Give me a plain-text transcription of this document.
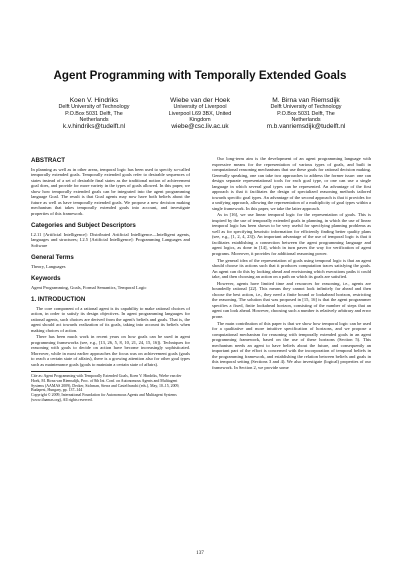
Agent Programming with Temporally Extended Goals
Koen V. Hindriks
Delft University of Technology
P.O.Box 5031 Delft, The
Netherlands
k.v.hindriks@tudelft.nl
Wiebe van der Hoek
University of Liverpool
Liverpool L69 3BX, United
Kingdom
wiebe@csc.liv.ac.uk
M. Birna van Riemsdijk
Delft University of Technology
P.O.Box 5031 Delft, The
Netherlands
m.b.vanriemsdijk@tudelft.nl
ABSTRACT

In planning as well as in other areas, temporal logic has been used to specify so-called temporally extended goals. Temporally extended goals refer to desirable sequences of states instead of a set of desirable final states as the traditional notion of achievement goal does, and provide for more variety in the types of goals allowed. In this paper, we show how temporally extended goals can be integrated into the agent programming language Goal. The result is that Goal agents may now have both beliefs about the future as well as have temporally extended goals. We propose a new decision making mechanism that takes temporally extended goals into account, and investigate properties of this framework.

Categories and Subject Descriptors

I.2.11 [Artificial Intelligence]: Distributed Artificial Intelligence—Intelligent agents, languages and structures; I.2.5 [Artificial Intelligence]: Programming Languages and Software

General Terms

Theory, Languages

Keywords

Agent Programming, Goals, Formal Semantics, Temporal Logic

1. INTRODUCTION

The core component of a rational agent is its capability to make rational choices of action, in order to satisfy its design objectives. In agent programming languages for rational agents, such choices are derived from the agent's beliefs and goals. That is, the agent should act towards realization of its goals, taking into account its beliefs when making choices of action.

There has been much work in recent years on how goals can be used in agent programming frameworks (see, e.g., [13, 26, 5, 8, 10, 21, 24, 15, 16]). Techniques for reasoning with goals to decide on action have become increasingly sophisticated. Moreover, while in most earlier approaches the focus was on achievement goals (goals to reach a certain state of affairs), there is a growing attention also for other goal types such as maintenance goals (goals to maintain a certain state of affairs).

Cite as: Agent Programming with Temporally Extended Goals, Koen V. Hindriks, Wiebe van der Hoek, M. Birna van Riemsdijk, Proc. of 8th Int. Conf. on Autonomous Agents and Multiagent Systems (AAMAS 2009), Decker, Sichman, Sierra and Castelfranchi (eds.), May, 10–15, 2009, Budapest, Hungary, pp. 137–144
Copyright © 2009, International Foundation for Autonomous Agents and Multiagent Systems (www.ifaamas.org), All rights reserved.

Our long-term aim is the development of an agent programming language with expressive means for the representation of various types of goals, and built in computational reasoning mechanisms that use these goals for rational decision making. Generally speaking, one can take two approaches to address the former issue: one can design separate representational tools for each goal type, or one can use a single language in which several goal types can be represented. An advantage of the first approach is that it facilitates the design of specialized reasoning methods tailored towards specific goal types. An advantage of the second approach is that it provides for a unifying approach, allowing the representation of a multiplicity of goal types within a single framework. In this paper, we take the latter approach.

As in [16], we use linear temporal logic for the representation of goals. This is inspired by the use of temporally extended goals in planning, in which the use of linear temporal logic has been shown to be very useful for specifying planning problems as well as for specifying heuristic information for efficiently finding better quality plans (see, e.g., [1, 2, 4, 23]). An important advantage of the use of temporal logic is that it facilitates establishing a connection between the agent programming language and agent logics, as done in [14], which in turn paves the way for verification of agent programs. Moreover, it provides for additional reasoning power.

The general idea of the representation of goals using temporal logic is that an agent should choose its actions such that it produces computation traces satisfying the goals. An agent can do this by looking ahead and envisioning which executions paths it could take, and then choosing an action on a path on which its goals are satisfied.

However, agents have limited time and resources for reasoning, i.e., agents are boundedly rational [22]. This means they cannot look infinitely far ahead and then choose the best action, i.e., they need a finite bound or lookahead horizon, restricting the reasoning. The solution that was proposed in [15, 16] is that the agent programmer specifies a fixed, finite lookahead horizon, consisting of the number of steps that an agent can look ahead. However, choosing such a number is relatively arbitrary and error prone.

The main contribution of this paper is that we show how temporal logic can be used for a qualitative and more intuitive specification of horizons, and we propose a computational mechanism for reasoning with temporally extended goals in an agent programming framework, based on the use of these horizons (Section 5). This mechanism needs an agent to have beliefs about the future, and consequently an important part of the effort is concerned with the incorporation of temporal beliefs in the programming framework, and establishing the relation between beliefs and goals in this temporal setting (Sections 3 and 4). We also investigate (logical) properties of our framework. In Section 2, we provide some

137
